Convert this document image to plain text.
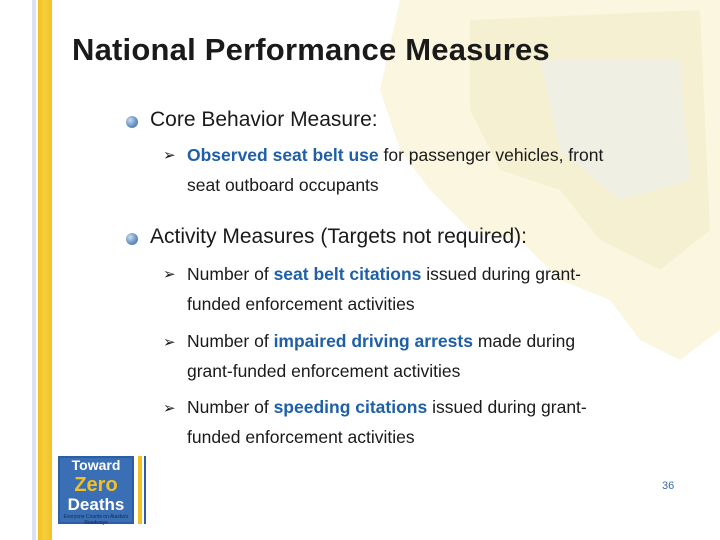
National Performance Measures
Core Behavior Measure:
➢ Observed seat belt use for passenger vehicles, front
seat outboard occupants
Activity Measures (Targets not required):
➢ Number of seat belt citations issued during grant-
funded enforcement activities
➢ Number of impaired driving arrests made during
grant-funded enforcement activities
➢ Number of speeding citations issued during grant-
funded enforcement activities
Toward
Zero
Deaths
Everyone Counts on Alaska's Roadways
36
